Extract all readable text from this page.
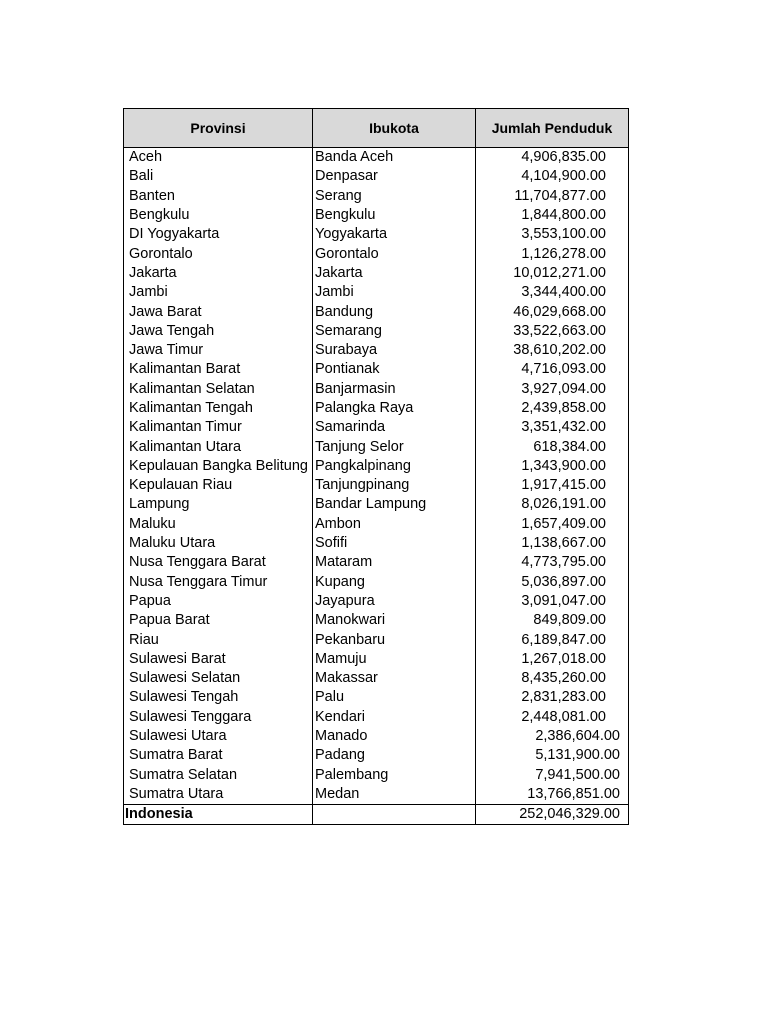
Provinsi	Ibukota	Jumlah Penduduk
Aceh	Banda Aceh	4,906,835.00
Bali	Denpasar	4,104,900.00
Banten	Serang	11,704,877.00
Bengkulu	Bengkulu	1,844,800.00
DI Yogyakarta	Yogyakarta	3,553,100.00
Gorontalo	Gorontalo	1,126,278.00
Jakarta	Jakarta	10,012,271.00
Jambi	Jambi	3,344,400.00
Jawa Barat	Bandung	46,029,668.00
Jawa Tengah	Semarang	33,522,663.00
Jawa Timur	Surabaya	38,610,202.00
Kalimantan Barat	Pontianak	4,716,093.00
Kalimantan Selatan	Banjarmasin	3,927,094.00
Kalimantan Tengah	Palangka Raya	2,439,858.00
Kalimantan Timur	Samarinda	3,351,432.00
Kalimantan Utara	Tanjung Selor	618,384.00
Kepulauan Bangka Belitung	Pangkalpinang	1,343,900.00
Kepulauan Riau	Tanjungpinang	1,917,415.00
Lampung	Bandar Lampung	8,026,191.00
Maluku	Ambon	1,657,409.00
Maluku Utara	Sofifi	1,138,667.00
Nusa Tenggara Barat	Mataram	4,773,795.00
Nusa Tenggara Timur	Kupang	5,036,897.00
Papua	Jayapura	3,091,047.00
Papua Barat	Manokwari	849,809.00
Riau	Pekanbaru	6,189,847.00
Sulawesi Barat	Mamuju	1,267,018.00
Sulawesi Selatan	Makassar	8,435,260.00
Sulawesi Tengah	Palu	2,831,283.00
Sulawesi Tenggara	Kendari	2,448,081.00
Sulawesi Utara	Manado	2,386,604.00
Sumatra Barat	Padang	5,131,900.00
Sumatra Selatan	Palembang	7,941,500.00
Sumatra Utara	Medan	13,766,851.00
Indonesia		252,046,329.00
